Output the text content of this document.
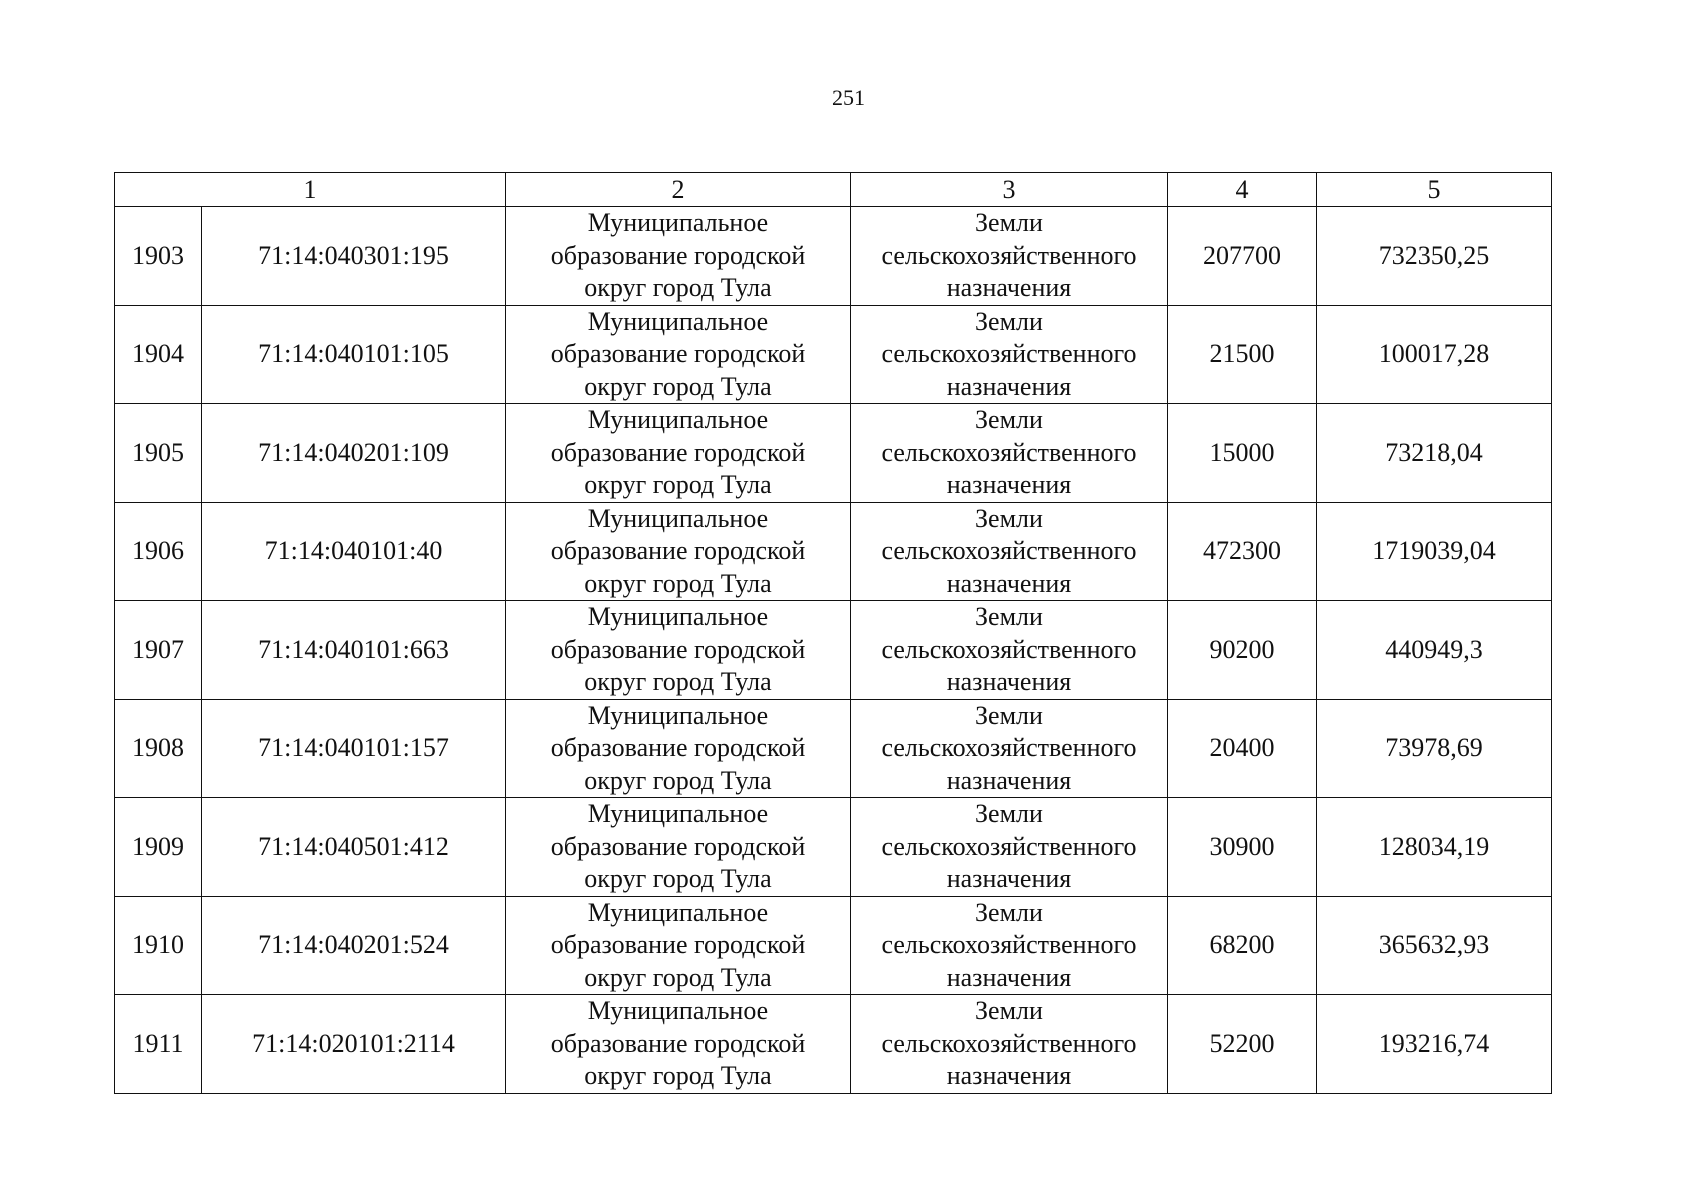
251
1		2	3	4	5
1903	71:14:040301:195	Муниципальное
образование городской
округ город Тула	Земли
сельскохозяйственного
назначения	207700	732350,25
1904	71:14:040101:105	Муниципальное
образование городской
округ город Тула	Земли
сельскохозяйственного
назначения	21500	100017,28
1905	71:14:040201:109	Муниципальное
образование городской
округ город Тула	Земли
сельскохозяйственного
назначения	15000	73218,04
1906	71:14:040101:40	Муниципальное
образование городской
округ город Тула	Земли
сельскохозяйственного
назначения	472300	1719039,04
1907	71:14:040101:663	Муниципальное
образование городской
округ город Тула	Земли
сельскохозяйственного
назначения	90200	440949,3
1908	71:14:040101:157	Муниципальное
образование городской
округ город Тула	Земли
сельскохозяйственного
назначения	20400	73978,69
1909	71:14:040501:412	Муниципальное
образование городской
округ город Тула	Земли
сельскохозяйственного
назначения	30900	128034,19
1910	71:14:040201:524	Муниципальное
образование городской
округ город Тула	Земли
сельскохозяйственного
назначения	68200	365632,93
1911	71:14:020101:2114	Муниципальное
образование городской
округ город Тула	Земли
сельскохозяйственного
назначения	52200	193216,74
